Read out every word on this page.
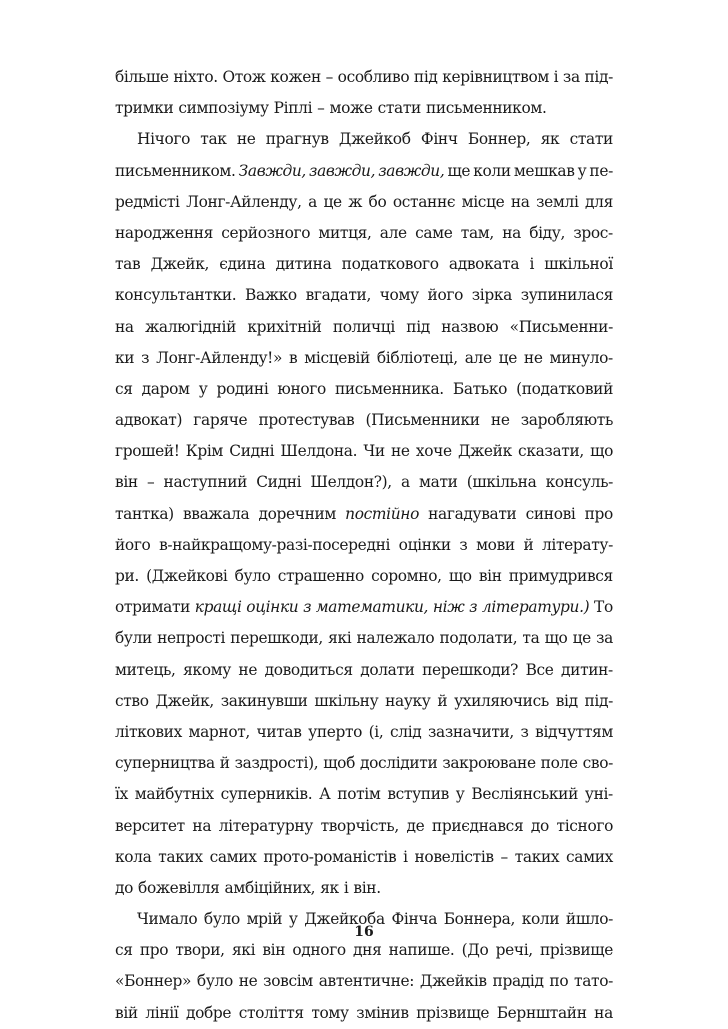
більше ніхто. Отож кожен – особливо під керівництвом і за під-
тримки симпозіуму Ріплі – може стати письменником.
Нічого так не прагнув Джейкоб Фінч Боннер, як стати
письменником. Завжди, завжди, завжди, ще коли мешкав у пе-
редмісті Лонг-Айленду, а це ж бо останнє місце на землі для
народження серйозного митця, але саме там, на біду, зрос-
тав Джейк, єдина дитина податкового адвоката і шкільної
консультантки. Важко вгадати, чому його зірка зупинилася
на жалюгідній крихітній поличці під назвою «Письменни-
ки з Лонг-Айленду!» в місцевій бібліотеці, але це не минуло-
ся даром у родині юного письменника. Батько (податковий
адвокат) гаряче протестував (Письменники не заробляють
грошей! Крім Сидні Шелдона. Чи не хоче Джейк сказати, що
він – наступний Сидні Шелдон?), а мати (шкільна консуль-
тантка) вважала доречним постійно нагадувати синові про
його в-найкращому-разі-посередні оцінки з мови й літерату-
ри. (Джейкові було страшенно соромно, що він примудрився
отримати кращі оцінки з математики, ніж з літератури.) То
були непрості перешкоди, які належало подолати, та що це за
митець, якому не доводиться долати перешкоди? Все дитин-
ство Джейк, закинувши шкільну науку й ухиляючись від під-
літкових марнот, читав уперто (і, слід зазначити, з відчуттям
суперництва й заздрості), щоб дослідити закроюване поле сво-
їх майбутніх суперників. А потім вступив у Весліянський уні-
верситет на літературну творчість, де приєднався до тісного
кола таких самих прото-романістів і новелістів – таких самих
до божевілля амбіційних, як і він.
Чимало було мрій у Джейкоба Фінча Боннера, коли йшло-
ся про твори, які він одного дня напише. (До речі, прізвище
«Боннер» було не зовсім автентичне: Джейків прадід по тато-
вій лінії добре століття тому змінив прізвище Бернштайн на
16
